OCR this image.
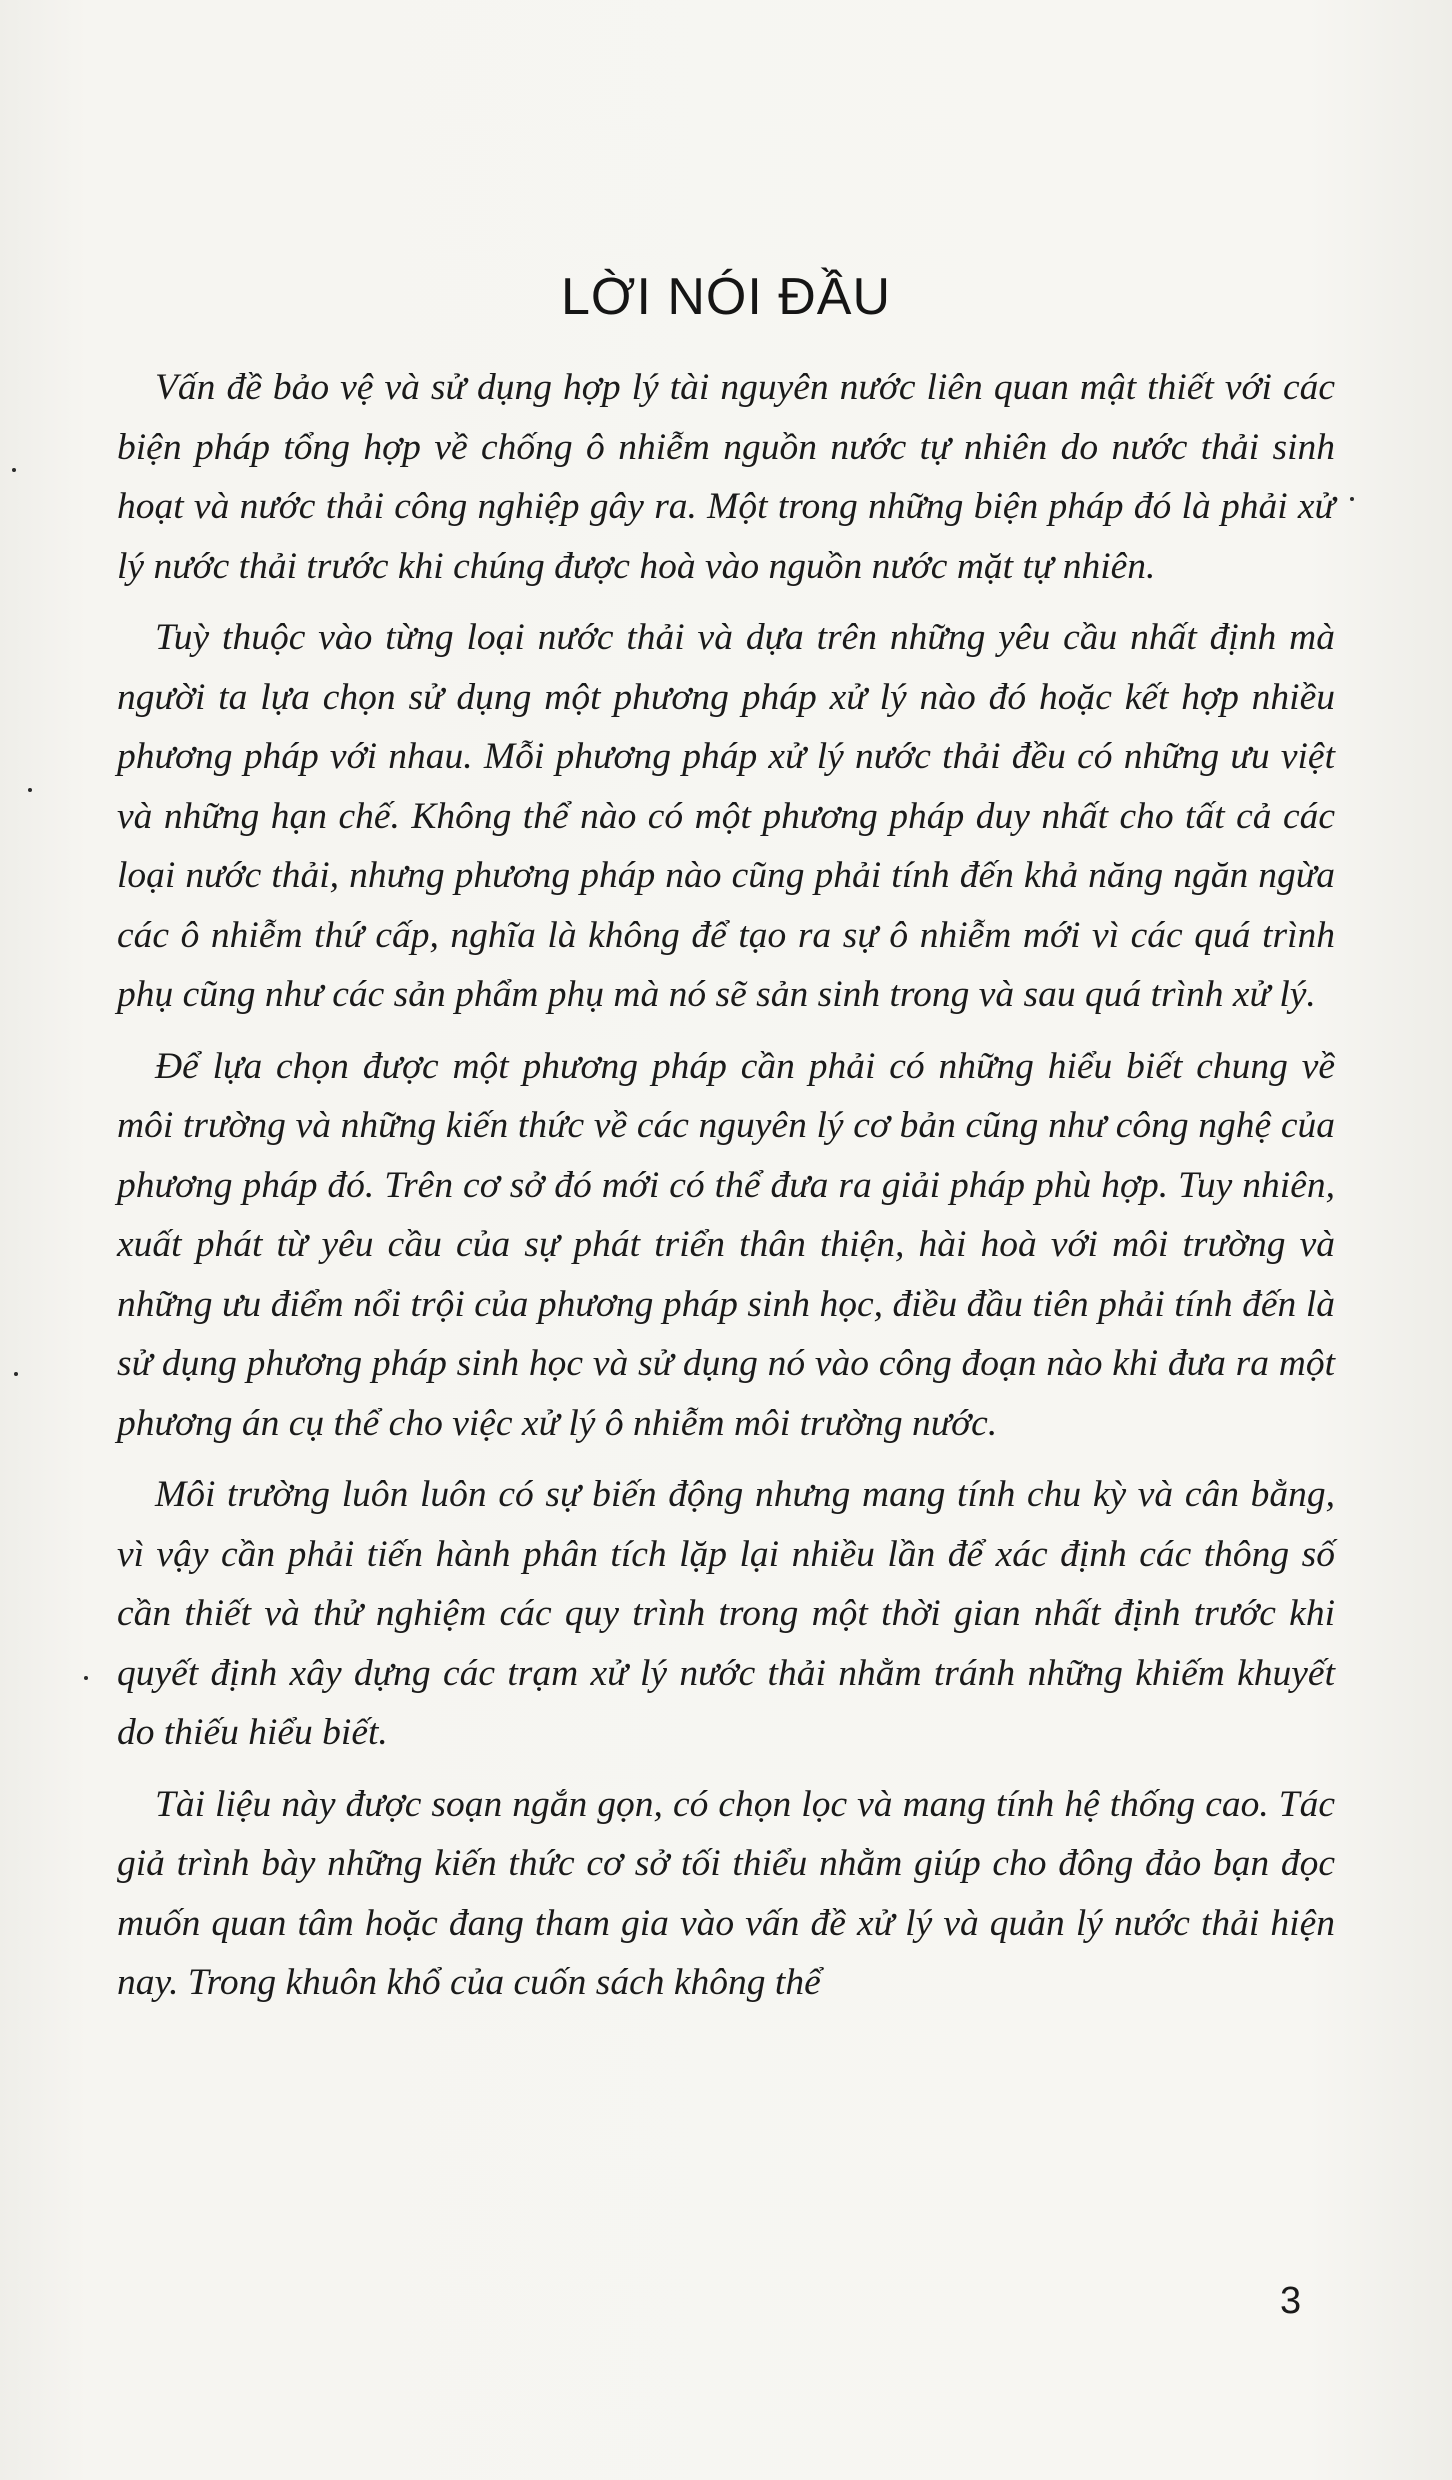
LỜI NÓI ĐẦU

Vấn đề bảo vệ và sử dụng hợp lý tài nguyên nước liên quan mật thiết với các biện pháp tổng hợp về chống ô nhiễm nguồn nước tự nhiên do nước thải sinh hoạt và nước thải công nghiệp gây ra. Một trong những biện pháp đó là phải xử lý nước thải trước khi chúng được hoà vào nguồn nước mặt tự nhiên.

Tuỳ thuộc vào từng loại nước thải và dựa trên những yêu cầu nhất định mà người ta lựa chọn sử dụng một phương pháp xử lý nào đó hoặc kết hợp nhiều phương pháp với nhau. Mỗi phương pháp xử lý nước thải đều có những ưu việt và những hạn chế. Không thể nào có một phương pháp duy nhất cho tất cả các loại nước thải, nhưng phương pháp nào cũng phải tính đến khả năng ngăn ngừa các ô nhiễm thứ cấp, nghĩa là không để tạo ra sự ô nhiễm mới vì các quá trình phụ cũng như các sản phẩm phụ mà nó sẽ sản sinh trong và sau quá trình xử lý.

Để lựa chọn được một phương pháp cần phải có những hiểu biết chung về môi trường và những kiến thức về các nguyên lý cơ bản cũng như công nghệ của phương pháp đó. Trên cơ sở đó mới có thể đưa ra giải pháp phù hợp. Tuy nhiên, xuất phát từ yêu cầu của sự phát triển thân thiện, hài hoà với môi trường và những ưu điểm nổi trội của phương pháp sinh học, điều đầu tiên phải tính đến là sử dụng phương pháp sinh học và sử dụng nó vào công đoạn nào khi đưa ra một phương án cụ thể cho việc xử lý ô nhiễm môi trường nước.

Môi trường luôn luôn có sự biến động nhưng mang tính chu kỳ và cân bằng, vì vậy cần phải tiến hành phân tích lặp lại nhiều lần để xác định các thông số cần thiết và thử nghiệm các quy trình trong một thời gian nhất định trước khi quyết định xây dựng các trạm xử lý nước thải nhằm tránh những khiếm khuyết do thiếu hiểu biết.

Tài liệu này được soạn ngắn gọn, có chọn lọc và mang tính hệ thống cao. Tác giả trình bày những kiến thức cơ sở tối thiểu nhằm giúp cho đông đảo bạn đọc muốn quan tâm hoặc đang tham gia vào vấn đề xử lý và quản lý nước thải hiện nay. Trong khuôn khổ của cuốn sách không thể

3
